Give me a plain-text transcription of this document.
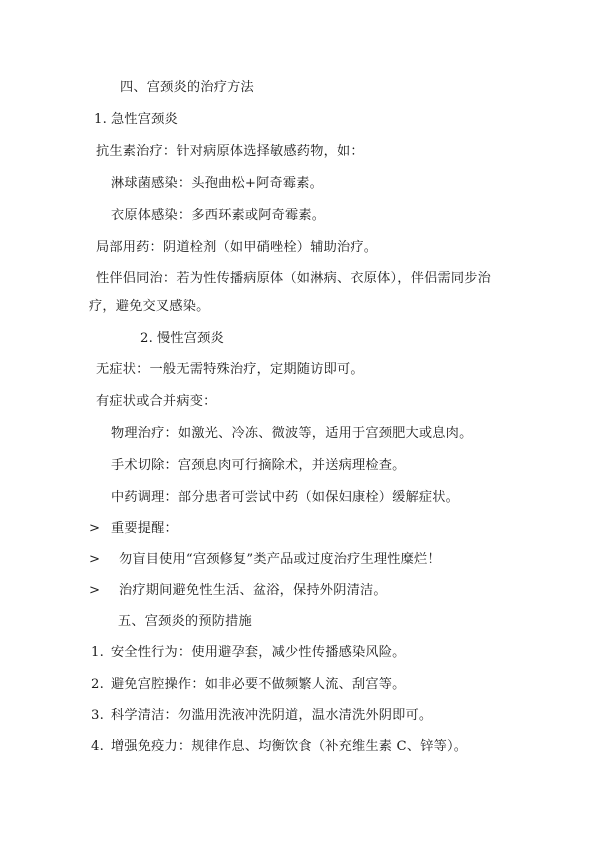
四、宫颈炎的治疗方法
1. 急性宫颈炎
抗生素治疗：针对病原体选择敏感药物，如：
淋球菌感染：头孢曲松+阿奇霉素。
衣原体感染：多西环素或阿奇霉素。
局部用药：阴道栓剂（如甲硝唑栓）辅助治疗。
性伴侣同治：若为性传播病原体（如淋病、衣原体），伴侣需同步治
疗，避免交叉感染。
2. 慢性宫颈炎
无症状：一般无需特殊治疗，定期随访即可。
有症状或合并病变：
物理治疗：如激光、冷冻、微波等，适用于宫颈肥大或息肉。
手术切除：宫颈息肉可行摘除术，并送病理检查。
中药调理：部分患者可尝试中药（如保妇康栓）缓解症状。
> 重要提醒：
> 勿盲目使用“宫颈修复”类产品或过度治疗生理性糜烂！
> 治疗期间避免性生活、盆浴，保持外阴清洁。
五、宫颈炎的预防措施
1. 安全性行为：使用避孕套，减少性传播感染风险。
2. 避免宫腔操作：如非必要不做频繁人流、刮宫等。
3. 科学清洁：勿滥用洗液冲洗阴道，温水清洗外阴即可。
4. 增强免疫力：规律作息、均衡饮食（补充维生素 C、锌等）。
